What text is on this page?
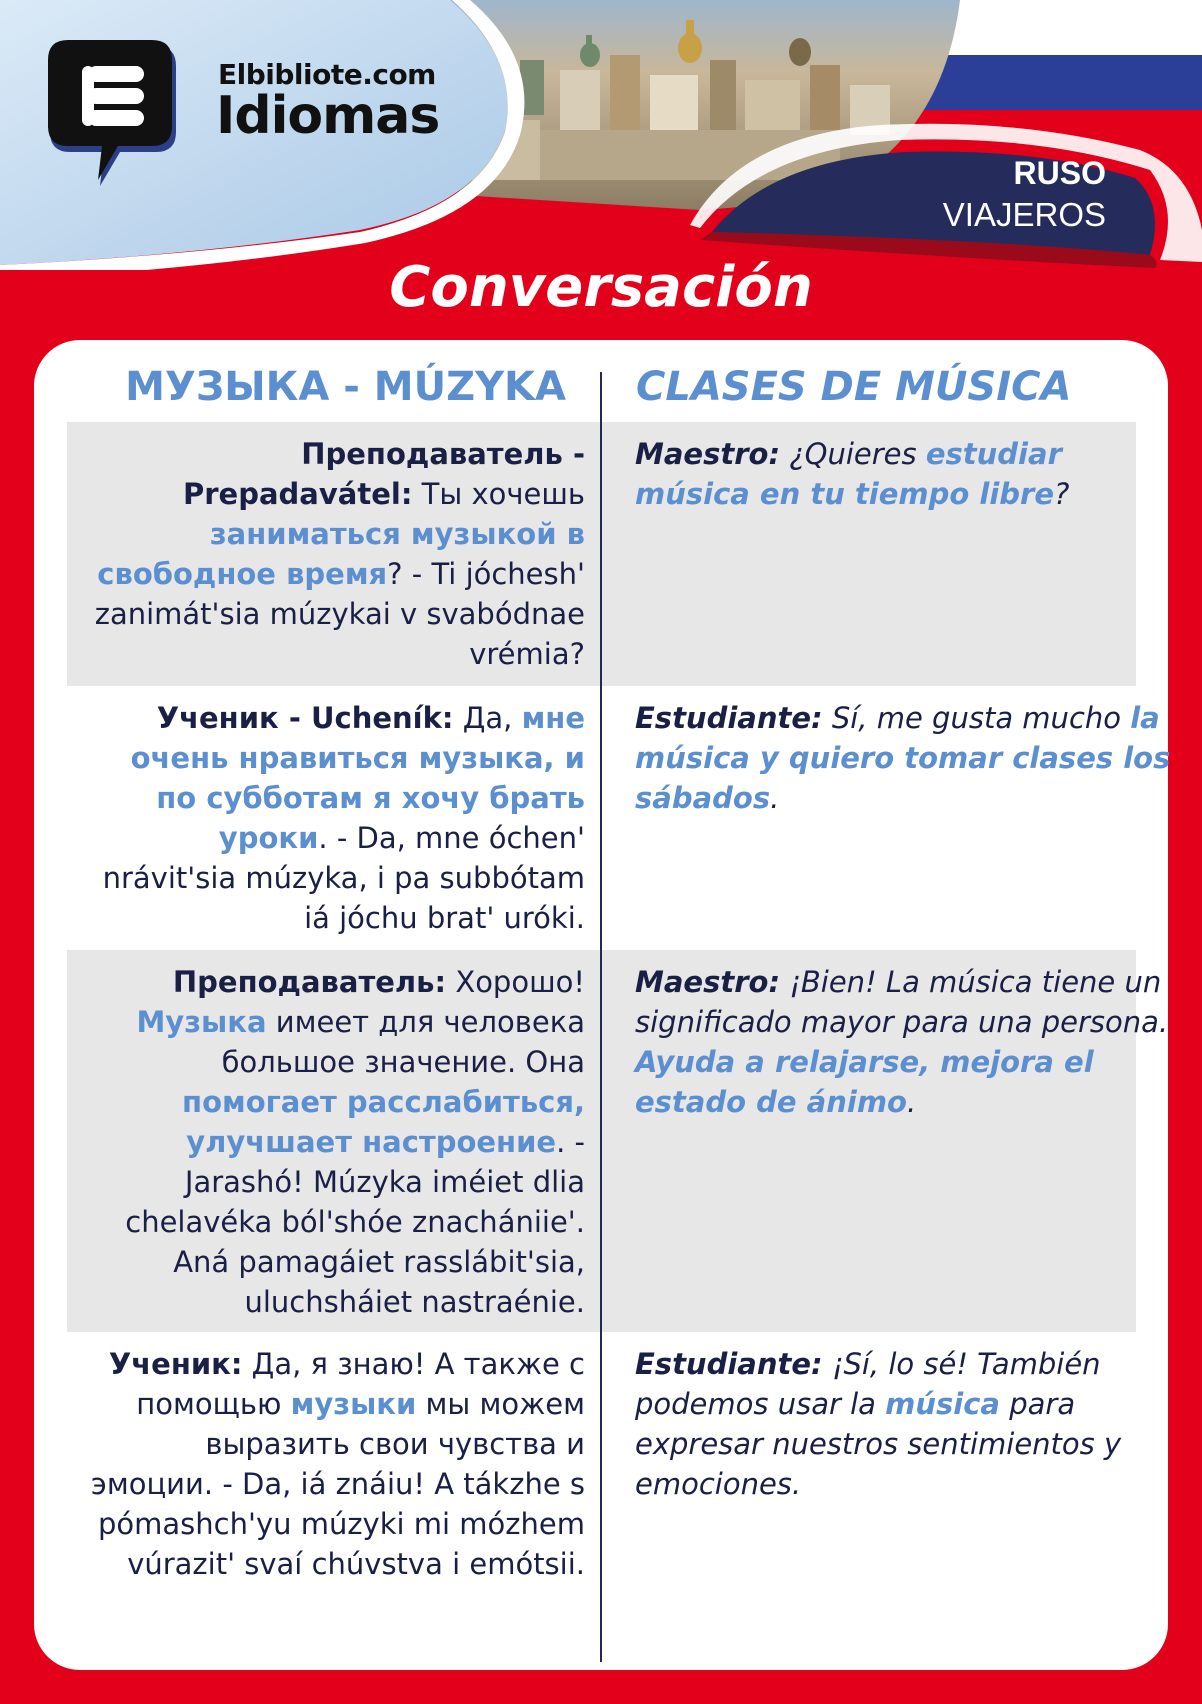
Elbibliote.com
Idiomas
RUSO
VIAJEROS
Conversación
МУЗЫКА - MÚZYKA CLASES DE MÚSICA
Преподаватель - Prepadavátel: Ты хочешь заниматься музыкой в свободное время? - Ti jóchesh' zanimát'sia múzykai v svabódnae vrémia?
Maestro: ¿Quieres estudiar música en tu tiempo libre?
Ученик - Ucheník: Да, мне очень нравиться музыка, и по субботам я хочу брать уроки. - Da, mne óchen' nrávit'sia múzyka, i pa subbótam iá jóchu brat' uróki.
Estudiante: Sí, me gusta mucho la música y quiero tomar clases los sábados.
Преподаватель: Хорошо! Музыка имеет для человека большое значение. Она помогает расслабиться, улучшает настроение. - Jarashó! Múzyka iméiet dlia chelavéka ból'shóe znachániie'. Aná pamagáiet rasslábit'sia, uluchsháiet nastraénie.
Maestro: ¡Bien! La música tiene un significado mayor para una persona. Ayuda a relajarse, mejora el estado de ánimo.
Ученик: Да, я знаю! А также с помощью музыки мы можем выразить свои чувства и эмоции. - Da, iá znáiu! A tákzhe s pómashch'yu múzyki mi mózhem vúrazit' svaí chúvstva i emótsii.
Estudiante: ¡Sí, lo sé! También podemos usar la música para expresar nuestros sentimientos y emociones.
